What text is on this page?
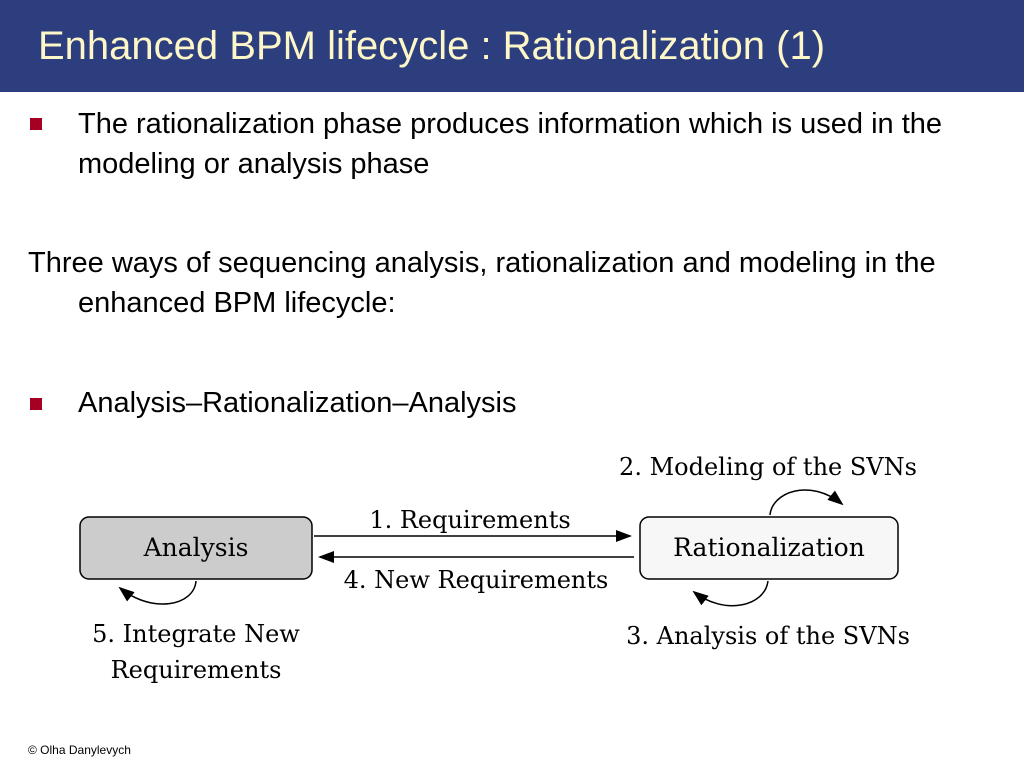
Enhanced BPM lifecycle : Rationalization (1)
The rationalization phase produces information which is used in the modeling or analysis phase
Three ways of sequencing analysis, rationalization and modeling in the enhanced BPM lifecycle:
Analysis–Rationalization–Analysis
Analysis	Rationalization
1. Requirements
4. New Requirements
2. Modeling of the SVNs
3. Analysis of the SVNs
5. Integrate New
Requirements
© Olha Danylevych
